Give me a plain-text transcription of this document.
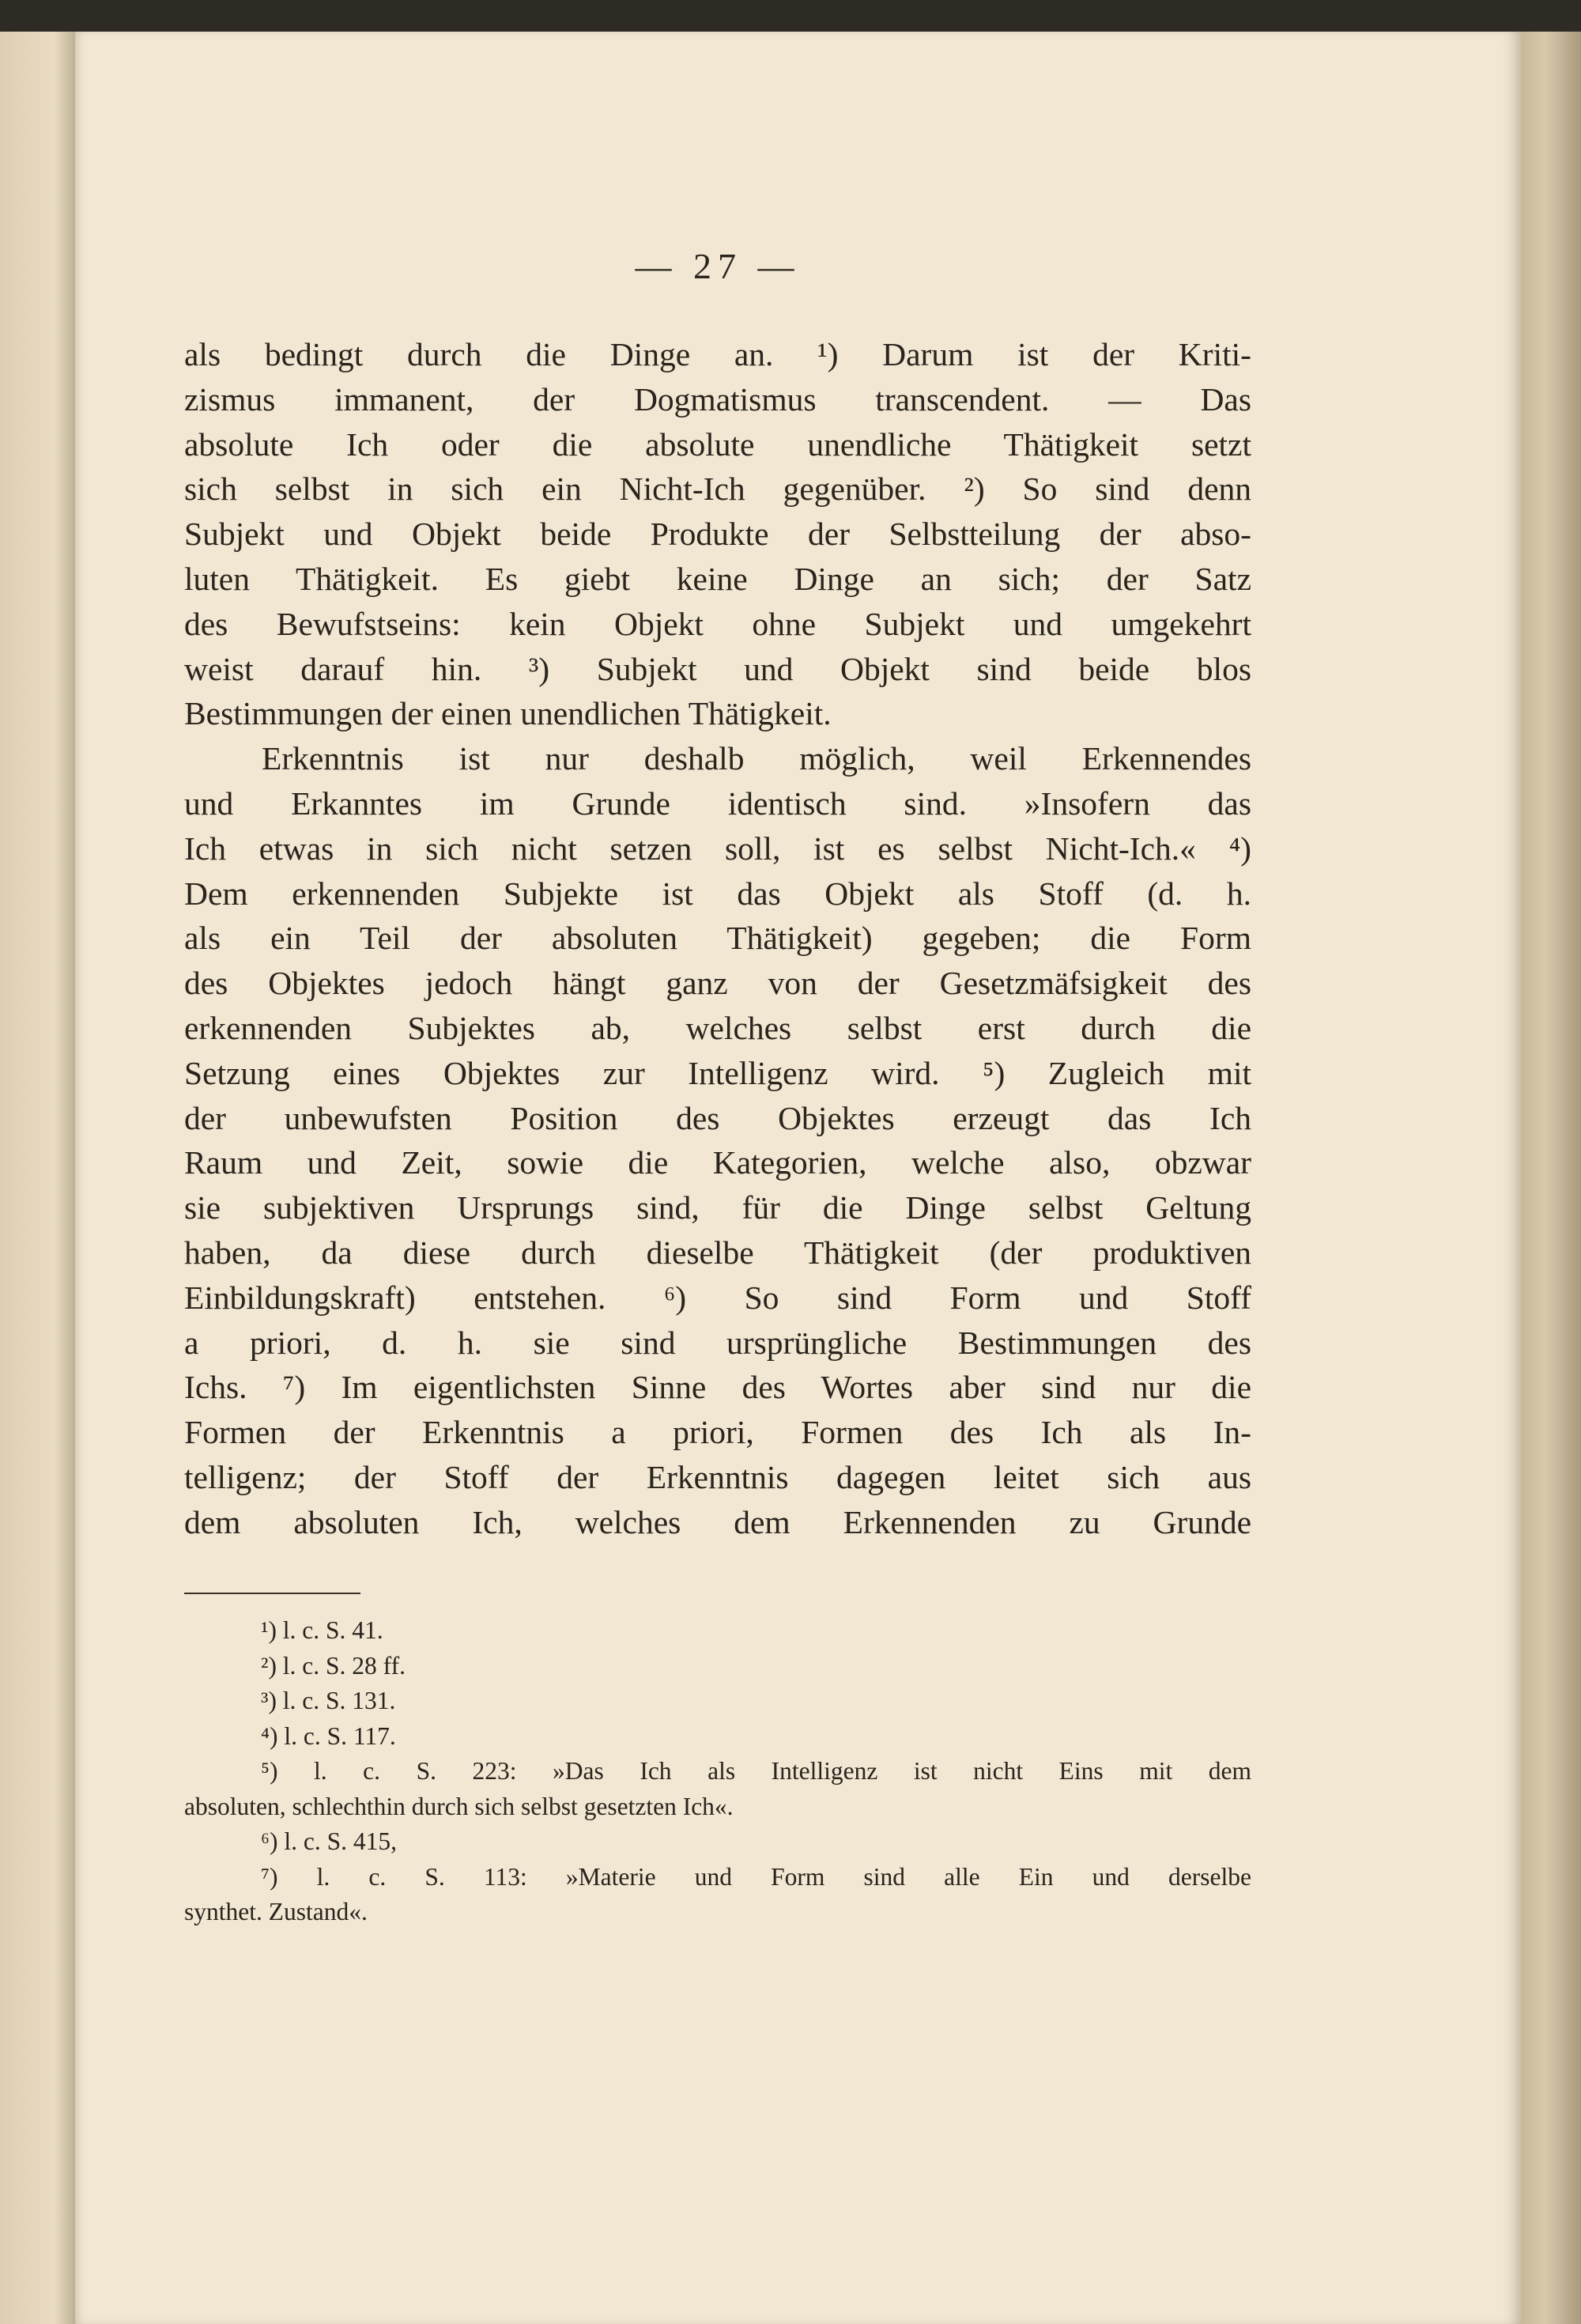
— 27 —
als bedingt durch die Dinge an. ¹) Darum ist der Kriti-
zismus immanent, der Dogmatismus transcendent. — Das
absolute Ich oder die absolute unendliche Thätigkeit setzt
sich selbst in sich ein Nicht-Ich gegenüber. ²) So sind denn
Subjekt und Objekt beide Produkte der Selbstteilung der abso-
luten Thätigkeit. Es giebt keine Dinge an sich; der Satz
des Bewufstseins: kein Objekt ohne Subjekt und umgekehrt
weist darauf hin. ³) Subjekt und Objekt sind beide blos
Bestimmungen der einen unendlichen Thätigkeit.
Erkenntnis ist nur deshalb möglich, weil Erkennendes
und Erkanntes im Grunde identisch sind. »Insofern das
Ich etwas in sich nicht setzen soll, ist es selbst Nicht-Ich.« ⁴)
Dem erkennenden Subjekte ist das Objekt als Stoff (d. h.
als ein Teil der absoluten Thätigkeit) gegeben; die Form
des Objektes jedoch hängt ganz von der Gesetzmäfsigkeit des
erkennenden Subjektes ab, welches selbst erst durch die
Setzung eines Objektes zur Intelligenz wird. ⁵) Zugleich mit
der unbewufsten Position des Objektes erzeugt das Ich
Raum und Zeit, sowie die Kategorien, welche also, obzwar
sie subjektiven Ursprungs sind, für die Dinge selbst Geltung
haben, da diese durch dieselbe Thätigkeit (der produktiven
Einbildungskraft) entstehen. ⁶) So sind Form und Stoff
a priori, d. h. sie sind ursprüngliche Bestimmungen des
Ichs. ⁷) Im eigentlichsten Sinne des Wortes aber sind nur die
Formen der Erkenntnis a priori, Formen des Ich als In-
telligenz; der Stoff der Erkenntnis dagegen leitet sich aus
dem absoluten Ich, welches dem Erkennenden zu Grunde
¹) l. c. S. 41.
²) l. c. S. 28 ff.
³) l. c. S. 131.
⁴) l. c. S. 117.
⁵) l. c. S. 223: »Das Ich als Intelligenz ist nicht Eins mit dem
absoluten, schlechthin durch sich selbst gesetzten Ich«.
⁶) l. c. S. 415,
⁷) l. c. S. 113: »Materie und Form sind alle Ein und derselbe
synthet. Zustand«.
